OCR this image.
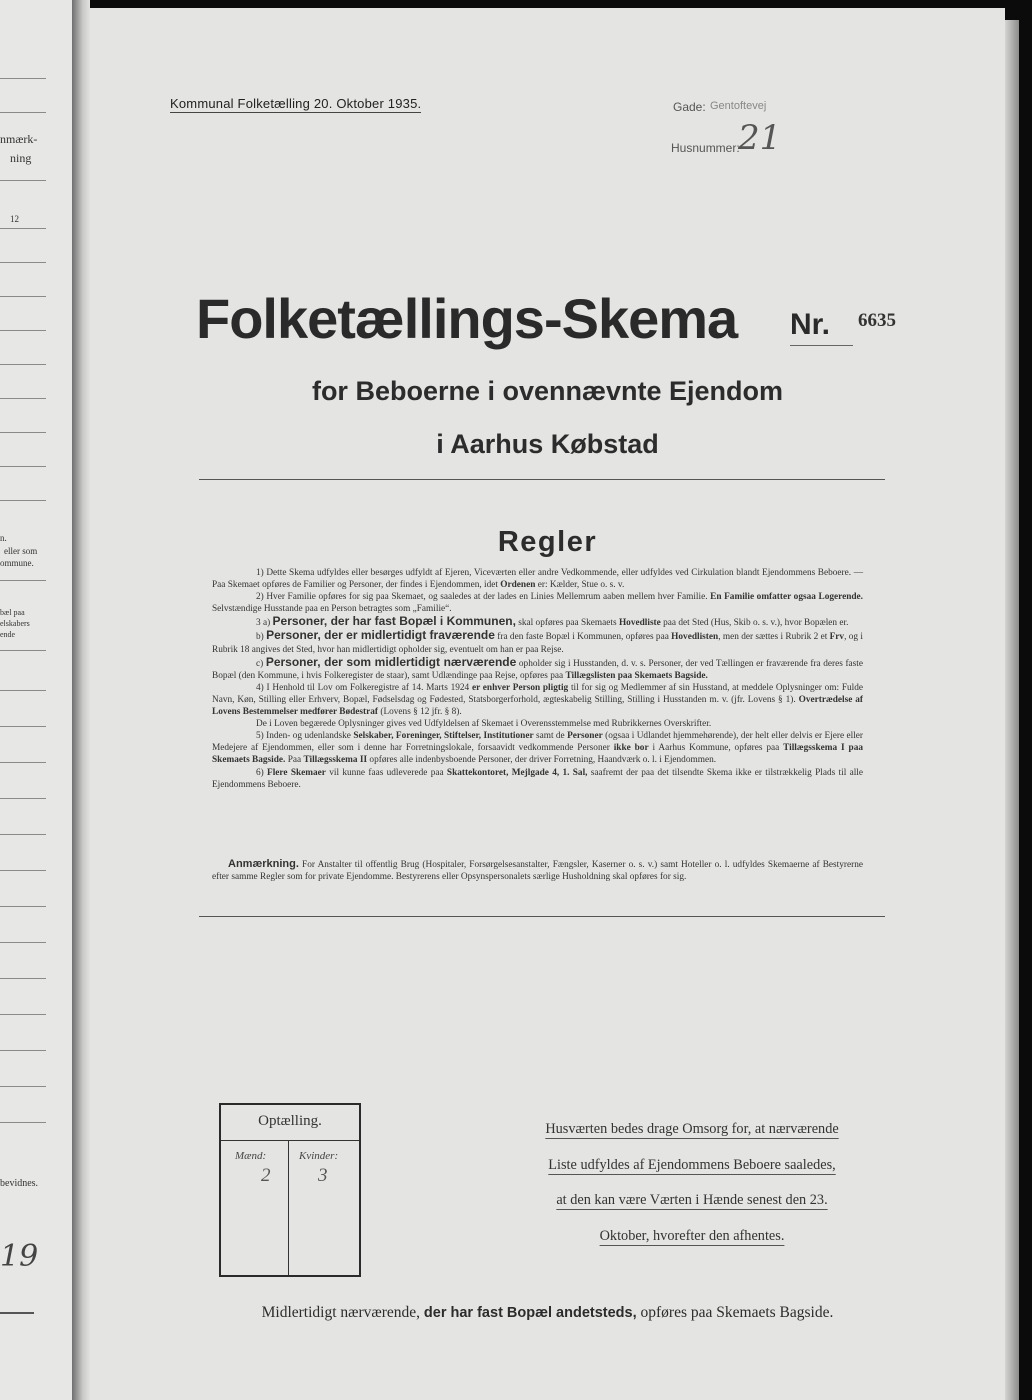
nmærk-
ning
12
n.
eller som
ommune.
bæl paa
elskabers
ende
bevidnes.
19
Kommunal Folketælling 20. Oktober 1935.	Gade: Gentoftevej
Husnummer:
21
Folketællings-Skema Nr. 6635
for Beboerne i ovennævnte Ejendom
i Aarhus Købstad
Regler

1) Dette Skema udfyldes eller besørges udfyldt af Ejeren, Viceværten eller andre Vedkommende, eller udfyldes ved Cirkulation blandt Ejendommens Beboere. — Paa Skemaet opføres de Familier og Personer, der findes i Ejendommen, idet Ordenen er: Kælder, Stue o. s. v.

2) Hver Familie opføres for sig paa Skemaet, og saaledes at der lades en Linies Mellemrum aaben mellem hver Familie. En Familie omfatter ogsaa Logerende. Selvstændige Husstande paa en Person betragtes som „Familie“.

3 a) Personer, der har fast Bopæl i Kommunen, skal opføres paa Skemaets Hovedliste paa det Sted (Hus, Skib o. s. v.), hvor Bopælen er.

b) Personer, der er midlertidigt fraværende fra den faste Bopæl i Kommunen, opføres paa Hovedlisten, men der sættes i Rubrik 2 et Frv, og i Rubrik 18 angives det Sted, hvor han midlertidigt opholder sig, eventuelt om han er paa Rejse.

c) Personer, der som midlertidigt nærværende opholder sig i Husstanden, d. v. s. Personer, der ved Tællingen er fraværende fra deres faste Bopæl (den Kommune, i hvis Folkeregister de staar), samt Udlændinge paa Rejse, opføres paa Tillægslisten paa Skemaets Bagside.

4) I Henhold til Lov om Folkeregistre af 14. Marts 1924 er enhver Person pligtig til for sig og Medlemmer af sin Husstand, at meddele Oplysninger om: Fulde Navn, Køn, Stilling eller Erhverv, Bopæl, Fødselsdag og Fødested, Statsborgerforhold, ægteskabelig Stilling, Stilling i Husstanden m. v. (jfr. Lovens § 1). Overtrædelse af Lovens Bestemmelser medfører Bødestraf (Lovens § 12 jfr. § 8).

De i Loven begærede Oplysninger gives ved Udfyldelsen af Skemaet i Overensstemmelse med Rubrikkernes Overskrifter.

5) Inden- og udenlandske Selskaber, Foreninger, Stiftelser, Institutioner samt de Personer (ogsaa i Udlandet hjemmehørende), der helt eller delvis er Ejere eller Medejere af Ejendommen, eller som i denne har Forretningslokale, forsaavidt vedkommende Personer ikke bor i Aarhus Kommune, opføres paa Tillægsskema I paa Skemaets Bagside. Paa Tillægsskema II opføres alle indenbysboende Personer, der driver Forretning, Haandværk o. l. i Ejendommen.

6) Flere Skemaer vil kunne faas udleverede paa Skattekontoret, Mejlgade 4, 1. Sal, saafremt der paa det tilsendte Skema ikke er tilstrækkelig Plads til alle Ejendommens Beboere.

Anmærkning. For Anstalter til offentlig Brug (Hospitaler, Forsørgelsesanstalter, Fængsler, Kaserner o. s. v.) samt Hoteller o. l. udfyldes Skemaerne af Bestyrerne efter samme Regler som for private Ejendomme. Bestyrerens eller Opsynspersonalets særlige Husholdning skal opføres for sig.
Optælling.
Mænd:	Kvinder:
2	3
Husværten bedes drage Omsorg for, at nærværende
Liste udfyldes af Ejendommens Beboere saaledes,
at den kan være Værten i Hænde senest den 23.
Oktober, hvorefter den afhentes.
Midlertidigt nærværende, der har fast Bopæl andetsteds, opføres paa Skemaets Bagside.
